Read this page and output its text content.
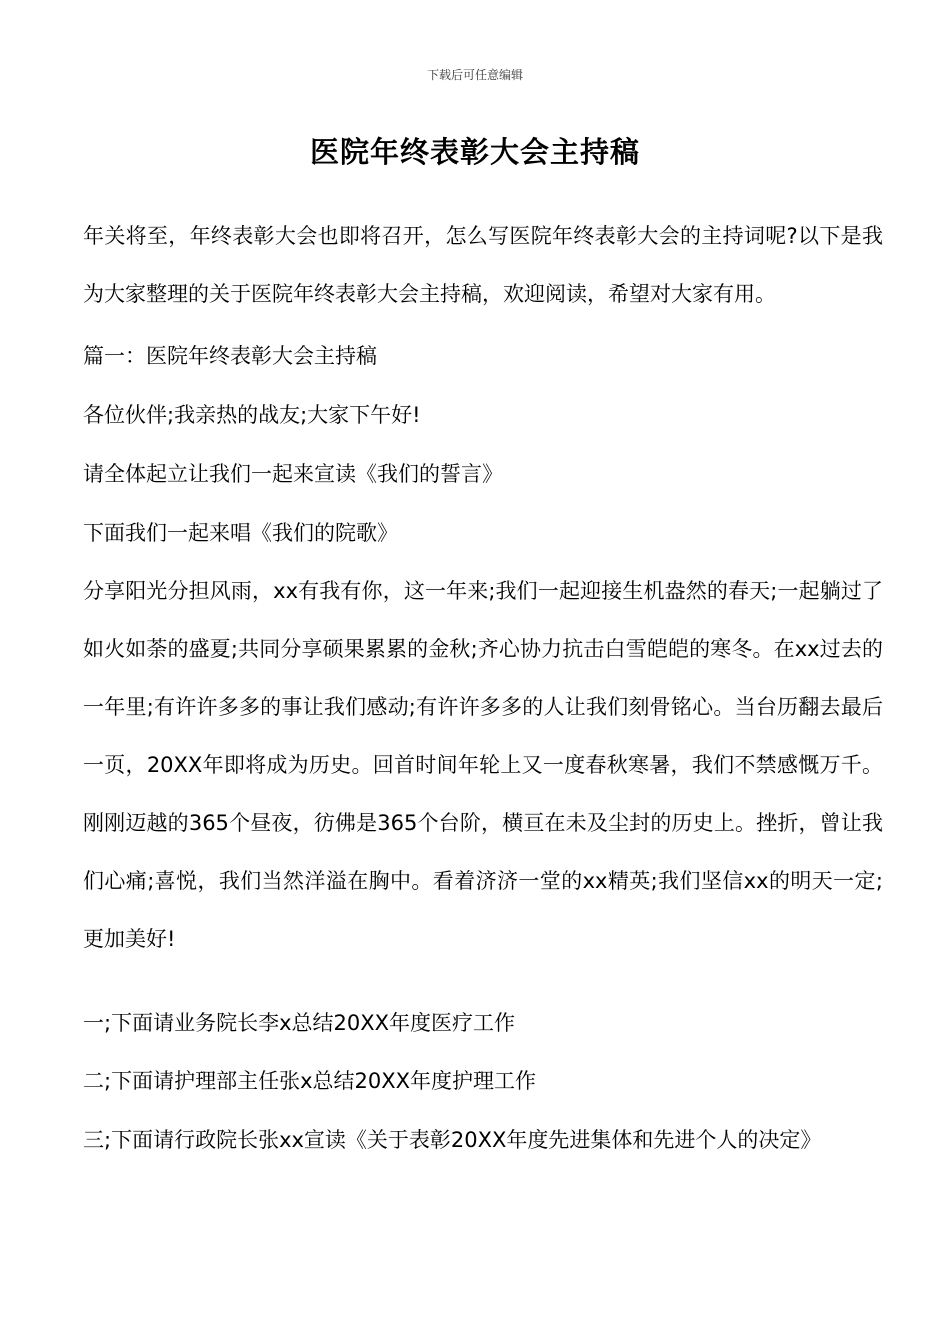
下载后可任意编辑
医院年终表彰大会主持稿

年关将至，年终表彰大会也即将召开，怎么写医院年终表彰大会的主持词呢?以下是我为大家整理的关于医院年终表彰大会主持稿，欢迎阅读，希望对大家有用。

篇一：医院年终表彰大会主持稿

各位伙伴;我亲热的战友;大家下午好!

请全体起立让我们一起来宣读《我们的誓言》

下面我们一起来唱《我们的院歌》

分享阳光分担风雨，xx有我有你，这一年来;我们一起迎接生机盎然的春天;一起躺过了如火如荼的盛夏;共同分享硕果累累的金秋;齐心协力抗击白雪皑皑的寒冬。在xx过去的一年里;有许许多多的事让我们感动;有许许多多的人让我们刻骨铭心。当台历翻去最后一页，20XX年即将成为历史。回首时间年轮上又一度春秋寒暑，我们不禁感慨万千。刚刚迈越的365个昼夜，彷佛是365个台阶，横亘在未及尘封的历史上。挫折，曾让我们心痛;喜悦，我们当然洋溢在胸中。看着济济一堂的xx精英;我们坚信xx的明天一定;更加美好!

一;下面请业务院长李x总结20XX年度医疗工作

二;下面请护理部主任张x总结20XX年度护理工作

三;下面请行政院长张xx宣读《关于表彰20XX年度先进集体和先进个人的决定》
